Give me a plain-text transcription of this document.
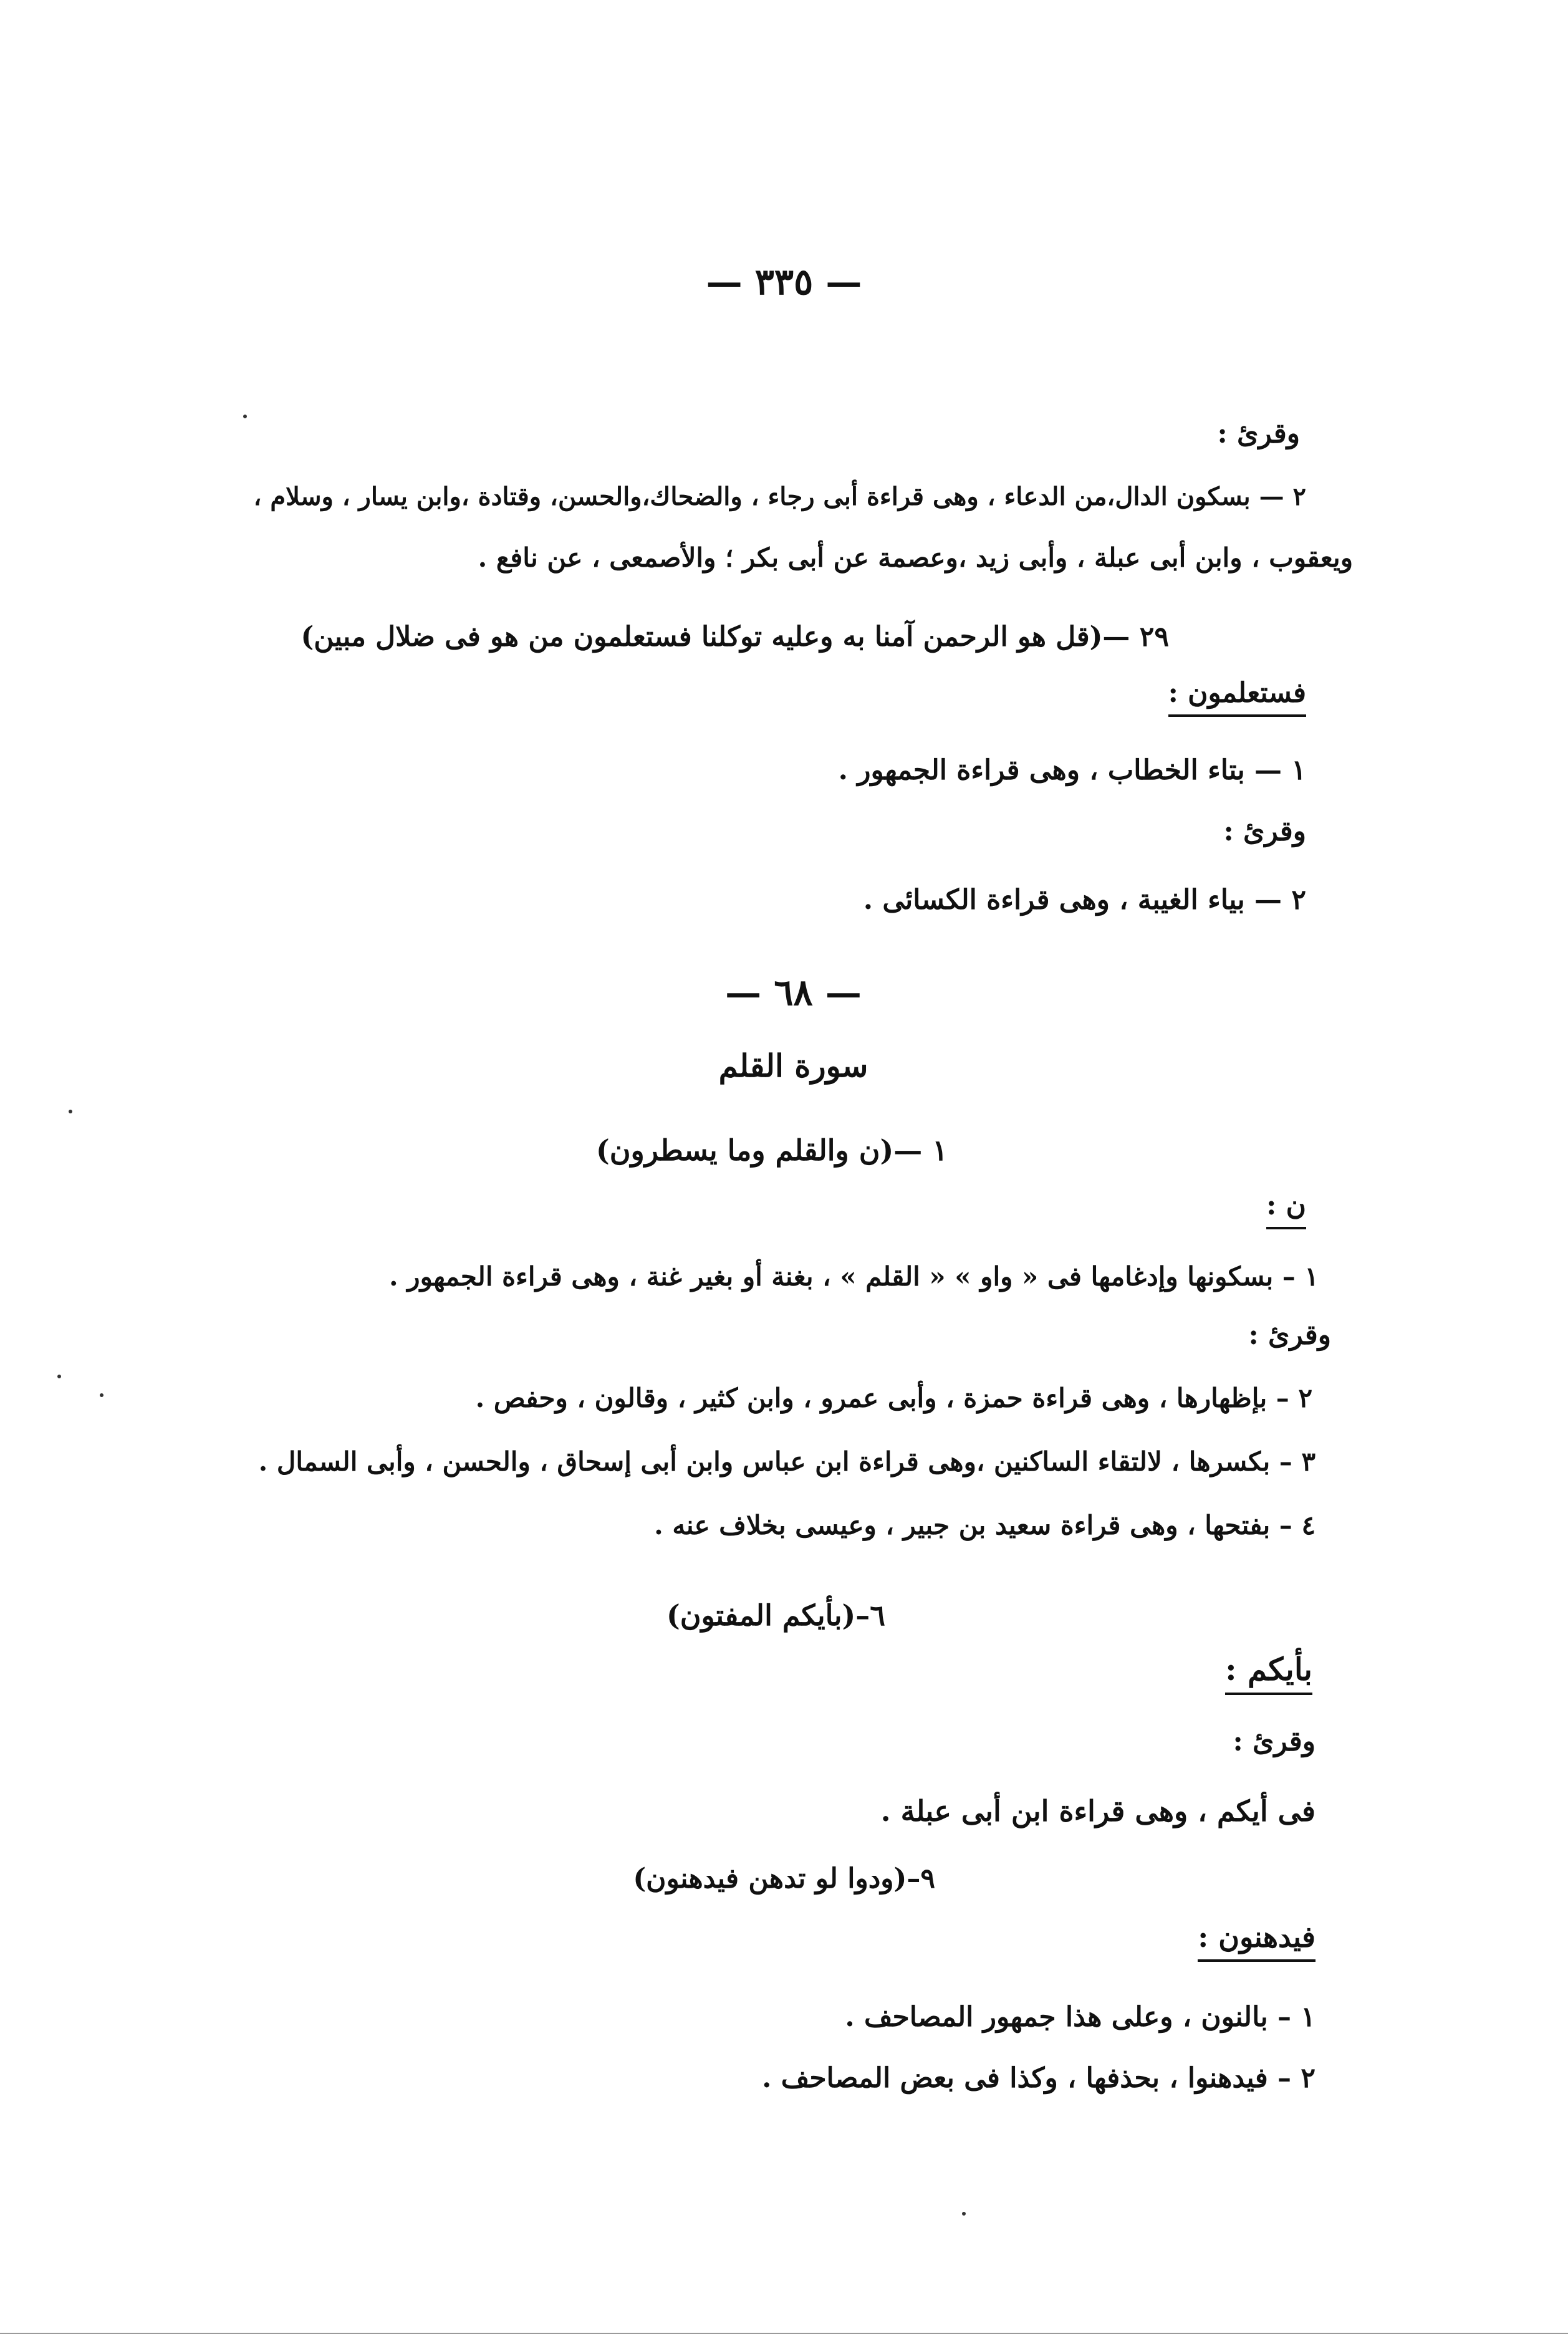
— ٣٣٥ —
وقرئ :
٢ — بسكون الدال،من الدعاء ، وهى قراءة أبى رجاء ، والضحاك،والحسن، وقتادة ،وابن يسار ، وسلام ،
ويعقوب ، وابن أبى عبلة ، وأبى زيد ،وعصمة عن أبى بكر ؛ والأصمعى ، عن نافع .
٢٩ —(قل هو الرحمن آمنا به وعليه توكلنا فستعلمون من هو فى ضلال مبين)
فستعلمون :
١ — بتاء الخطاب ، وهى قراءة الجمهور .
وقرئ :
٢ — بياء الغيبة ، وهى قراءة الكسائى .
— ٦٨ —
سورة القلم
١ —(ن والقلم وما يسطرون)
ن :
١ – بسكونها وإدغامها فى « واو » « القلم » ، بغنة أو بغير غنة ، وهى قراءة الجمهور .
وقرئ :
٢ – بإظهارها ، وهى قراءة حمزة ، وأبى عمرو ، وابن كثير ، وقالون ، وحفص .
٣ – بكسرها ، لالتقاء الساكنين ،وهى قراءة ابن عباس وابن أبى إسحاق ، والحسن ، وأبى السمال .
٤ – بفتحها ، وهى قراءة سعيد بن جبير ، وعيسى بخلاف عنه .
٦–(بأيكم المفتون)
بأيكم :
وقرئ :
فى أيكم ، وهى قراءة ابن أبى عبلة .
٩–(ودوا لو تدهن فيدهنون)
فيدهنون :
١ – بالنون ، وعلى هذا جمهور المصاحف .
٢ – فيدهنوا ، بحذفها ، وكذا فى بعض المصاحف .
